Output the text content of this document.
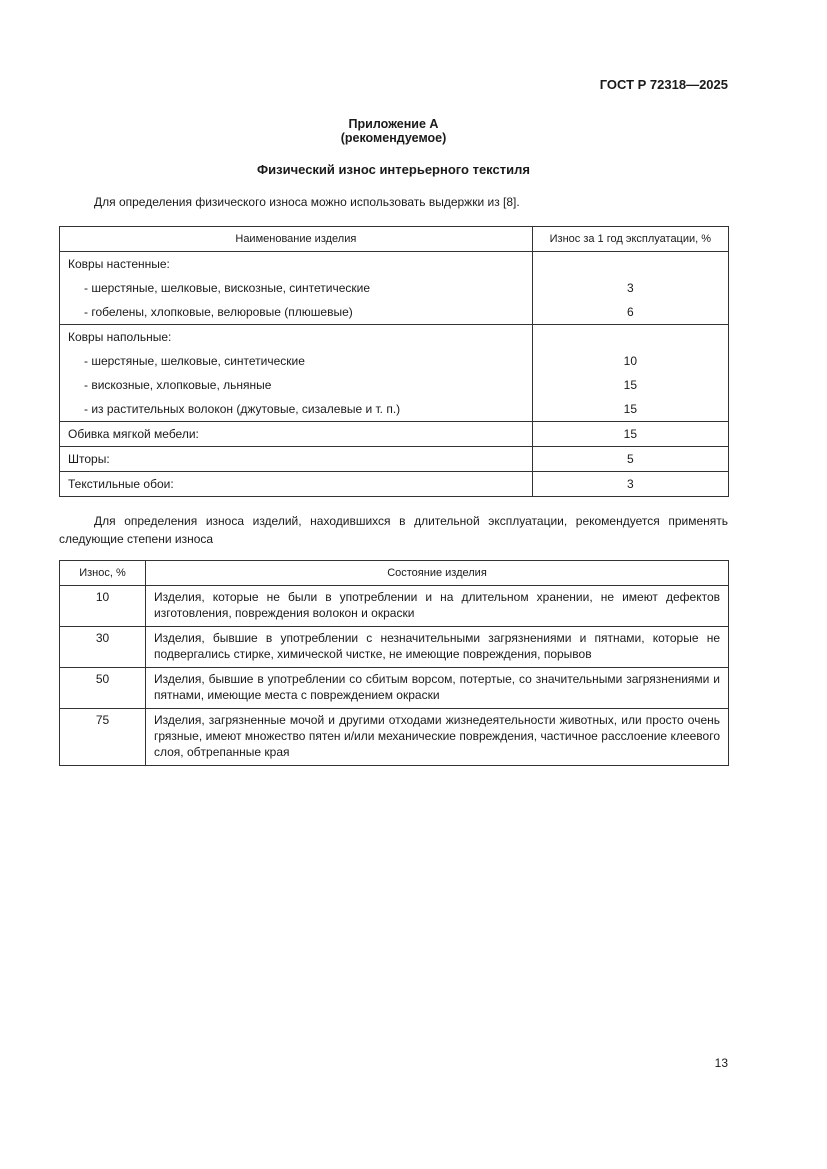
ГОСТ Р 72318—2025
Приложение А
(рекомендуемое)
Физический износ интерьерного текстиля
Для определения физического износа можно использовать выдержки из [8].
Наименование изделия	Износ за 1 год эксплуатации, %
Ковры настенные:	
- шерстяные, шелковые, вискозные, синтетические	3
- гобелены, хлопковые, велюровые (плюшевые)	6
Ковры напольные:	
- шерстяные, шелковые, синтетические	10
- вискозные, хлопковые, льняные	15
- из растительных волокон (джутовые, сизалевые и т. п.)	15
Обивка мягкой мебели:	15
Шторы:	5
Текстильные обои:	3
Для определения износа изделий, находившихся в длительной эксплуатации, рекомендуется применять следующие степени износа
Износ, %	Состояние изделия
10	Изделия, которые не были в употреблении и на длительном хранении, не имеют дефектов изготовления, повреждения волокон и окраски
30	Изделия, бывшие в употреблении с незначительными загрязнениями и пятнами, которые не подвергались стирке, химической чистке, не имеющие повреждения, порывов
50	Изделия, бывшие в употреблении со сбитым ворсом, потертые, со значительными загрязнениями и пятнами, имеющие места с повреждением окраски
75	Изделия, загрязненные мочой и другими отходами жизнедеятельности животных, или просто очень грязные, имеют множество пятен и/или механические повреждения, частичное расслоение клеевого слоя, обтрепанные края
13
